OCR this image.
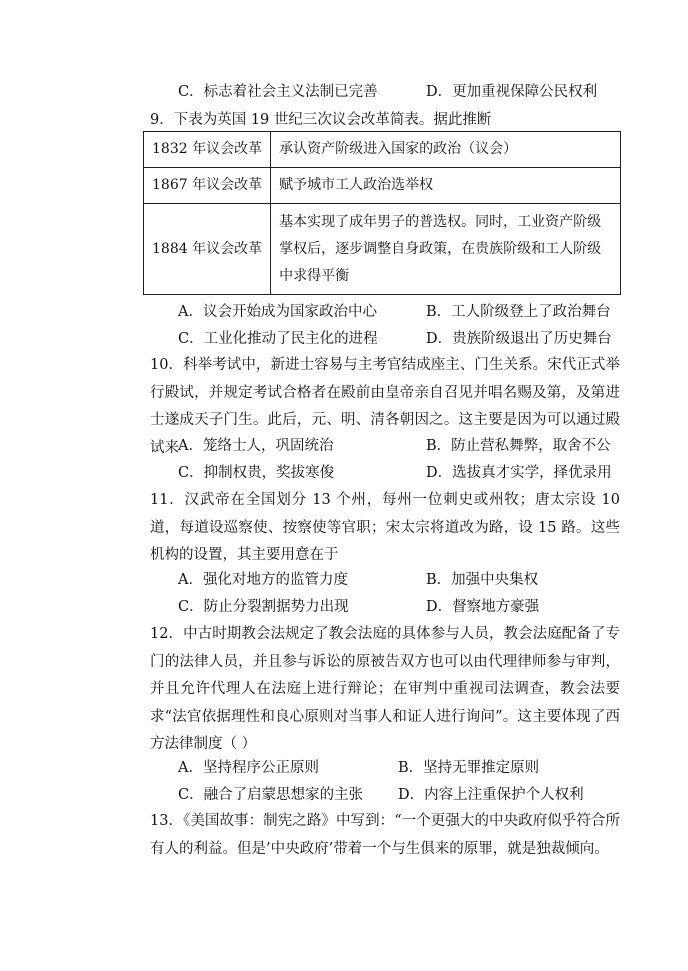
C．标志着社会主义法制已完善	D．更加重视保障公民权利
9．下表为英国 19 世纪三次议会改革简表。据此推断
1832 年议会改革	承认资产阶级进入国家的政治（议会）
1867 年议会改革	赋予城市工人政治选举权
1884 年议会改革	基本实现了成年男子的普选权。同时，工业资产阶级掌权后，逐步调整自身政策，在贵族阶级和工人阶级中求得平衡
A．议会开始成为国家政治中心	B．工人阶级登上了政治舞台
C．工业化推动了民主化的进程	D．贵族阶级退出了历史舞台
10．科举考试中，新进士容易与主考官结成座主、门生关系。宋代正式举行殿试，并规定考试合格者在殿前由皇帝亲自召见并唱名赐及第，及第进士遂成天子门生。此后，元、明、清各朝因之。这主要是因为可以通过殿试来 A．笼络士人，巩固统治	B．防止营私舞弊，取舍不公
C．抑制权贵，奖拔寒俊	D．选拔真才实学，择优录用
11．汉武帝在全国划分 13 个州，每州一位刺史或州牧；唐太宗设 10 道，每道设巡察使、按察使等官职；宋太宗将道改为路，设 15 路。这些机构的设置，其主要用意在于
A．强化对地方的监管力度	B．加强中央集权
C．防止分裂割据势力出现	D．督察地方豪强
12．中古时期教会法规定了教会法庭的具体参与人员，教会法庭配备了专门的法律人员，并且参与诉讼的原被告双方也可以由代理律师参与审判，并且允许代理人在法庭上进行辩论；在审判中重视司法调查，教会法要求“法官依据理性和良心原则对当事人和证人进行询问”。这主要体现了西方法律制度（ ）
A．坚持程序公正原则	B．坚持无罪推定原则
C．融合了启蒙思想家的主张 D．内容上注重保护个人权利
13．《美国故事：制宪之路》中写到：“一个更强大的中央政府似乎符合所有人的利益。但是’中央政府’带着一个与生俱来的原罪，就是独裁倾向。
